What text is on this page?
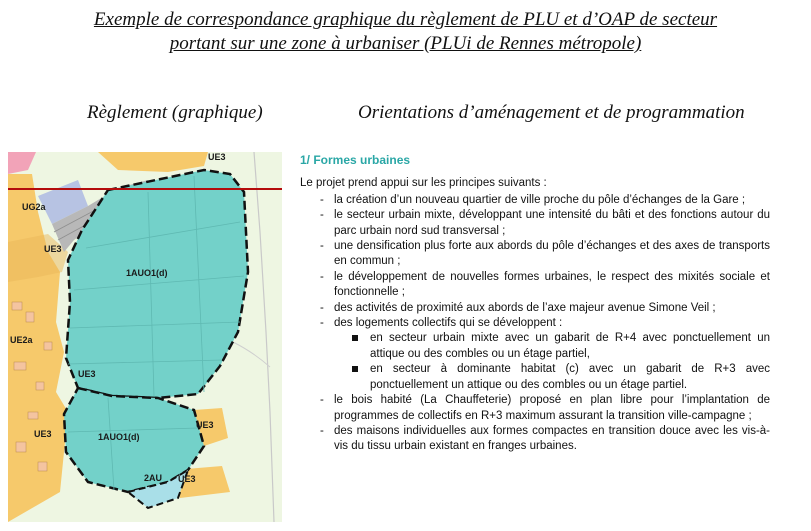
Exemple de correspondance graphique du règlement de PLU et d’OAP de secteur
portant sur une zone à urbaniser (PLUi de Rennes métropole)
Règlement (graphique)	Orientations d’aménagement et de programmation
UE3
UG2a
UE3
1AUO1(d)
UE2a
UE3
UE3	1AUO1(d)
UE3
2AU UE3
1/ Formes urbaines

Le projet prend appui sur les principes suivants :

- la création d’un nouveau quartier de ville proche du pôle d’échanges de la Gare ;
- le secteur urbain mixte, développant une intensité du bâti et des fonctions autour du parc urbain nord sud transversal ;
- une densification plus forte aux abords du pôle d’échanges et des axes de transports en commun ;
- le développement de nouvelles formes urbaines, le respect des mixités sociale et fonctionnelle ;
- des activités de proximité aux abords de l’axe majeur avenue Simone Veil ;
- des logements collectifs qui se développent :
en secteur urbain mixte avec un gabarit de R+4 avec ponctuellement un attique ou des combles ou un étage partiel,
en secteur à dominante habitat (c) avec un gabarit de R+3 avec ponctuellement un attique ou des combles ou un étage partiel.
- le bois habité (La Chauffeterie) proposé en plan libre pour l’implantation de programmes de collectifs en R+3 maximum assurant la transition ville-campagne ;
- des maisons individuelles aux formes compactes en transition douce avec les vis-à-vis du tissu urbain existant en franges urbaines.
